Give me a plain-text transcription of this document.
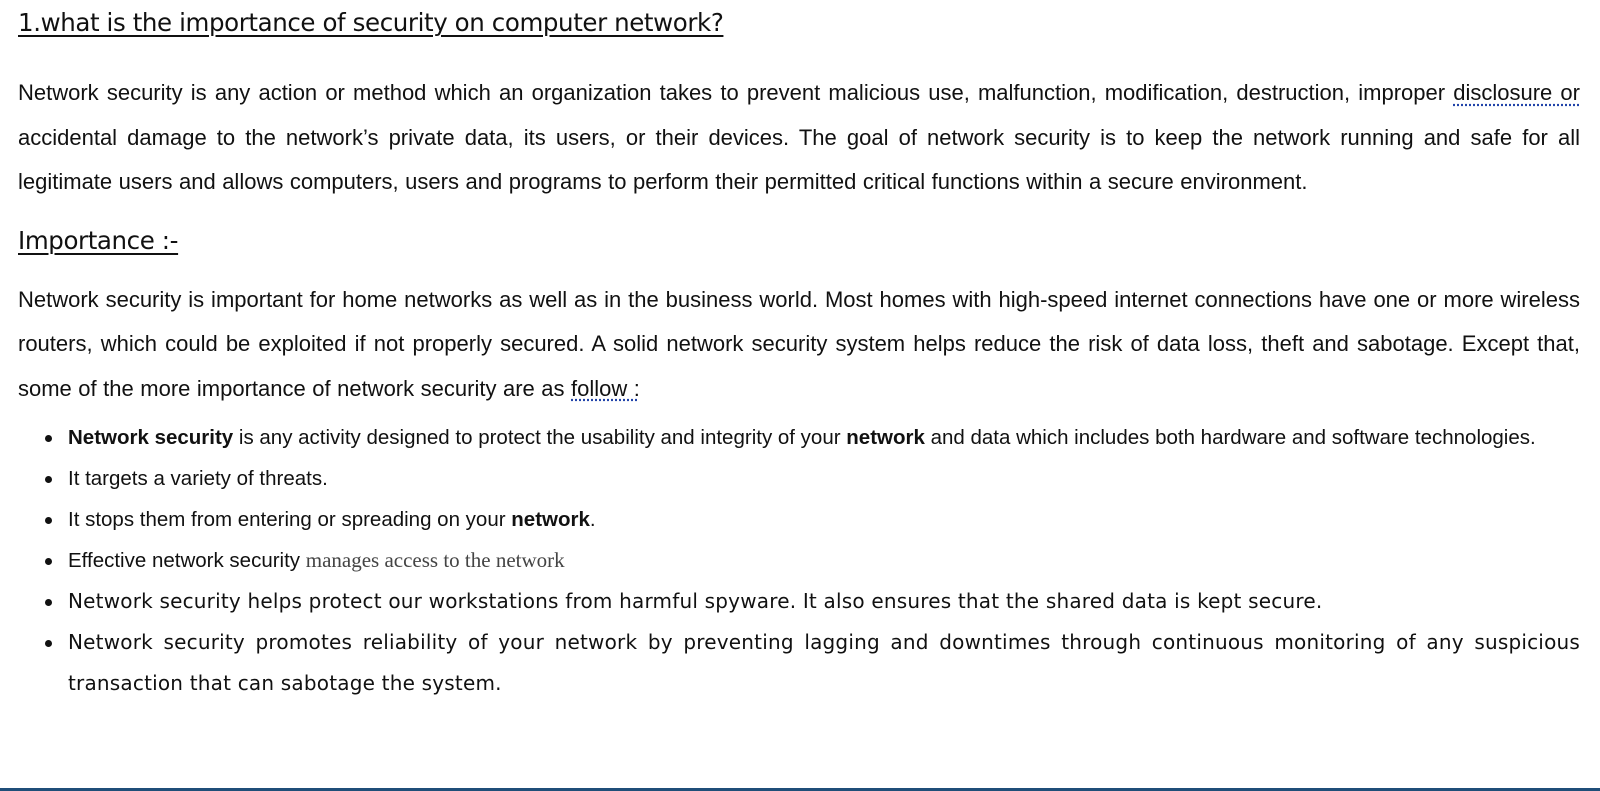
1.what is the importance of security on computer network?

Network security is any action or method which an organization takes to prevent malicious use, malfunction, modification, destruction, improper disclosure or accidental damage to the network’s private data, its users, or their devices. The goal of network security is to keep the network running and safe for all legitimate users and allows computers, users and programs to perform their permitted critical functions within a secure environment.

Importance :-

Network security is important for home networks as well as in the business world. Most homes with high-speed internet connections have one or more wireless routers, which could be exploited if not properly secured. A solid network security system helps reduce the risk of data loss, theft and sabotage. Except that, some of the more importance of network security are as follow :

Network security is any activity designed to protect the usability and integrity of your network and data which includes both hardware and software technologies.
It targets a variety of threats.
It stops them from entering or spreading on your network.
Effective network security manages access to the network
Network security helps protect our workstations from harmful spyware. It also ensures that the shared data is kept secure.
Network security promotes reliability of your network by preventing lagging and downtimes through continuous monitoring of any suspicious transaction that can sabotage the system.
